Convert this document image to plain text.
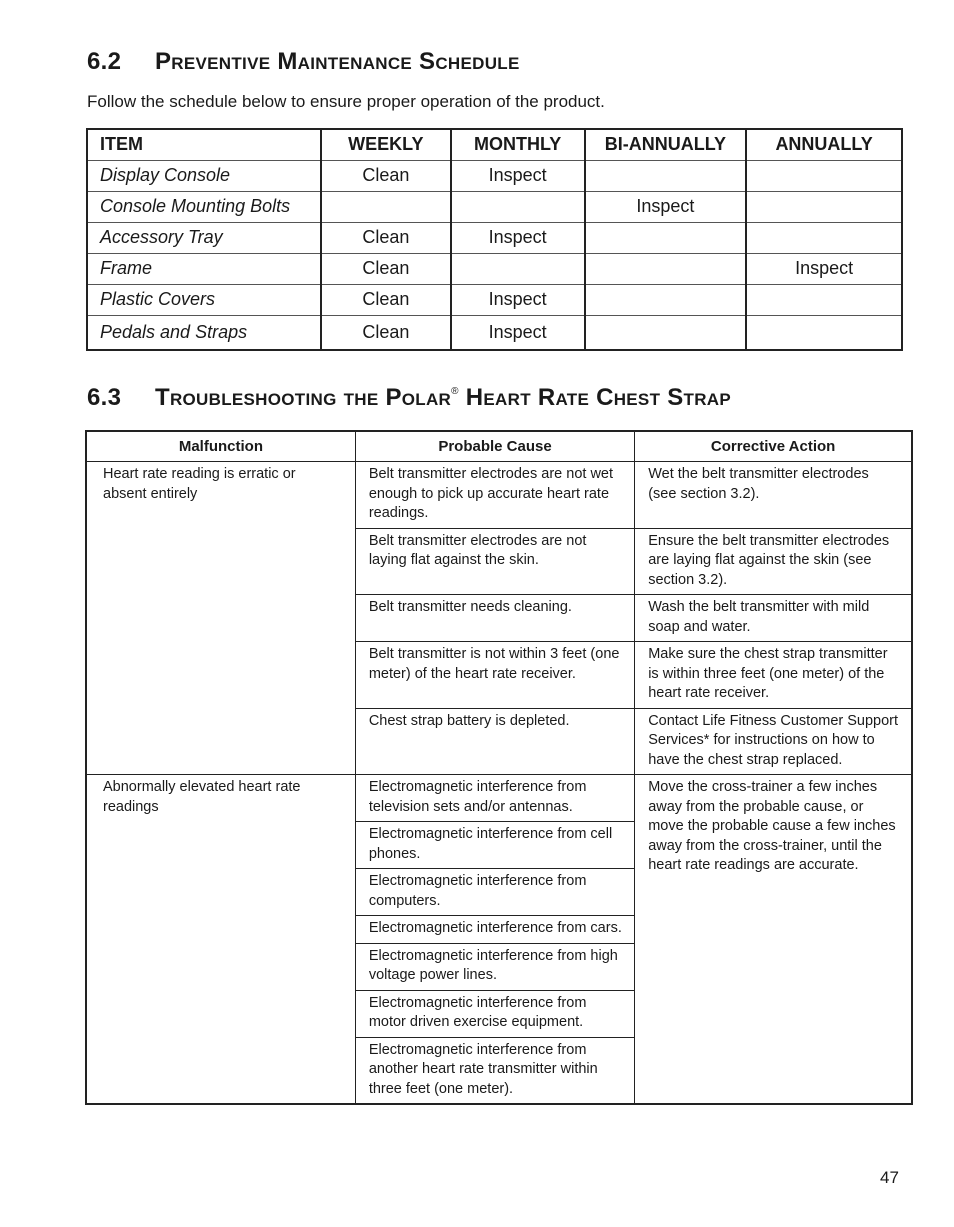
6.2 Preventive Maintenance Schedule

Follow the schedule below to ensure proper operation of the product.

ITEM	WEEKLY	MONTHLY	BI-ANNUALLY	ANNUALLY
Display Console	Clean	Inspect		
Console Mounting Bolts			Inspect	
Accessory Tray	Clean	Inspect		
Frame	Clean			Inspect
Plastic Covers	Clean	Inspect		
Pedals and Straps	Clean	Inspect		
6.3 Troubleshooting the Polar® Heart Rate Chest Strap
Malfunction	Probable Cause	Corrective Action
Heart rate reading is erratic or absent entirely	Belt transmitter electrodes are not wet enough to pick up accurate heart rate readings.	Wet the belt transmitter electrodes (see section 3.2).
	Belt transmitter electrodes are not laying flat against the skin.	Ensure the belt transmitter electrodes are laying flat against the skin (see section 3.2).
	Belt transmitter needs cleaning.	Wash the belt transmitter with mild soap and water.
	Belt transmitter is not within 3 feet (one meter) of the heart rate receiver.	Make sure the chest strap transmitter is within three feet (one meter) of the heart rate receiver.
	Chest strap battery is depleted.	Contact Life Fitness Customer Support Services* for instructions on how to have the chest strap replaced.
Abnormally elevated heart rate readings	Electromagnetic interference from television sets and/or antennas.	Move the cross-trainer a few inches away from the probable cause, or move the probable cause a few inches away from the cross-trainer, until the heart rate readings are accurate.
	Electromagnetic interference from cell phones.	
	Electromagnetic interference from computers.	
	Electromagnetic interference from cars.	
	Electromagnetic interference from high voltage power lines.	
	Electromagnetic interference from motor driven exercise equipment.	
	Electromagnetic interference from another heart rate transmitter within three feet (one meter).	
47
